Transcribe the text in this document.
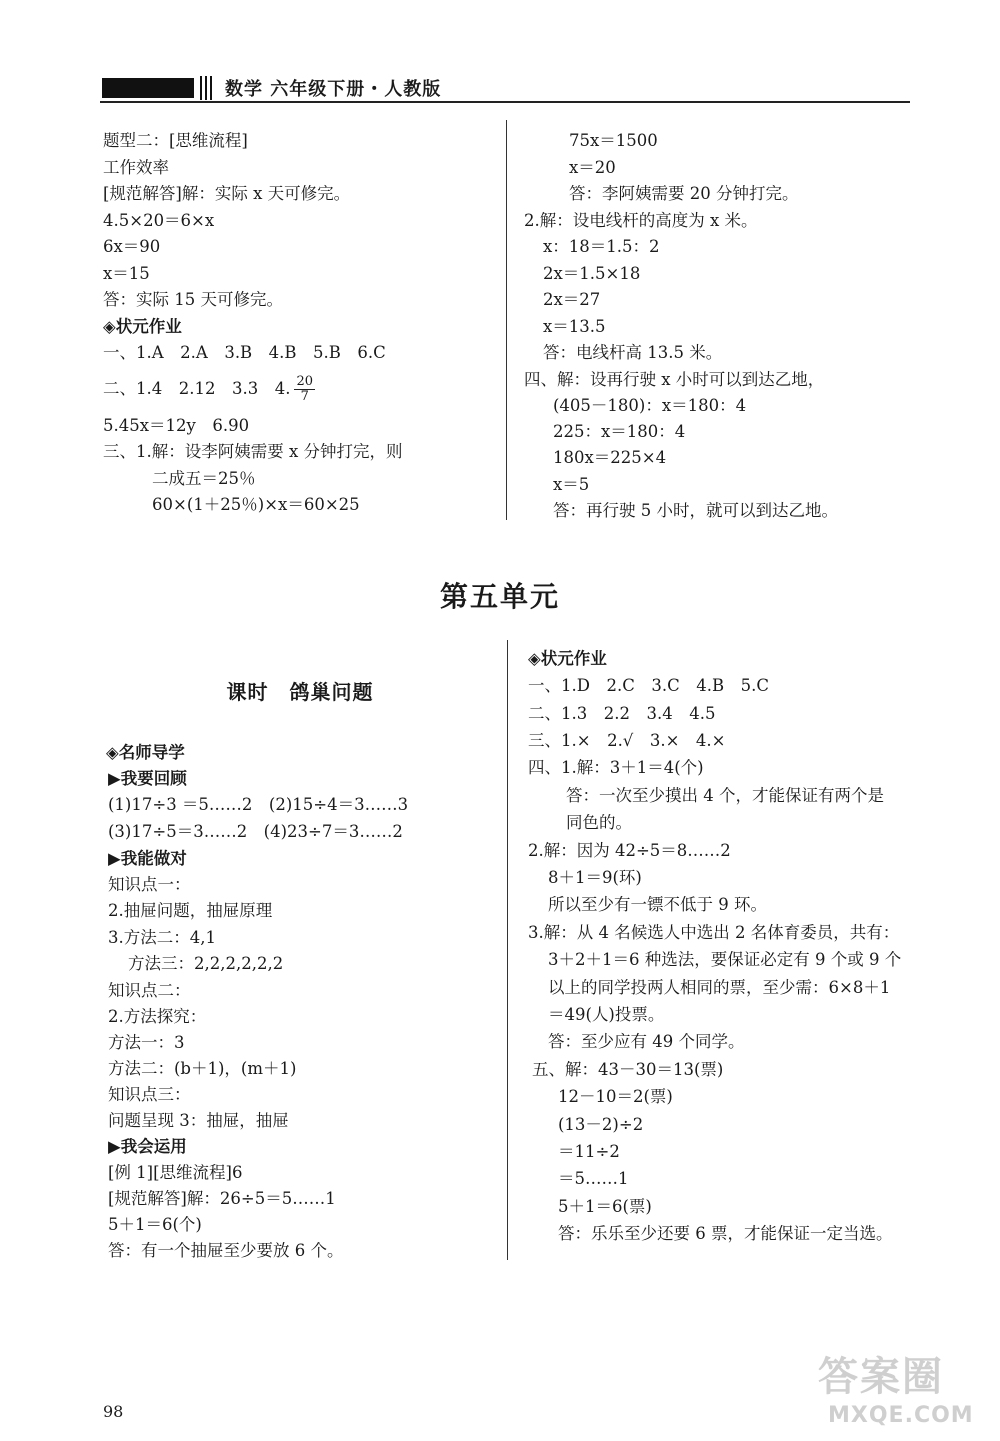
数学 六年级下册・人教版
题型二：[思维流程]
工作效率
[规范解答]解：实际 x 天可修完。
4.5×20＝6×x
6x＝90
x＝15
答：实际 15 天可修完。
◈状元作业
一、1.A　2.A　3.B　4.B　5.B　6.C
二、1.4　2.12　3.3　4. $\frac{20}{7}$
5.45x＝12y　6.90
三、1.解：设李阿姨需要 x 分钟打完，则
二成五＝25％
60×(1＋25％)×x＝60×25
75x＝1500
x＝20
答：李阿姨需要 20 分钟打完。
2.解：设电线杆的高度为 x 米。
x：18＝1.5：2
2x＝1.5×18
2x＝27
x＝13.5
答：电线杆高 13.5 米。
四、解：设再行驶 x 小时可以到达乙地，
(405－180)：x＝180：4
225：x＝180：4
180x＝225×4
x＝5
答：再行驶 5 小时，就可以到达乙地。
第五单元
课时　鸽巢问题
◈名师导学
▶我要回顾
(1)17÷3 ＝5……2　(2)15÷4＝3……3
(3)17÷5＝3……2　(4)23÷7＝3……2
▶我能做对
知识点一：
2.抽屉问题，抽屉原理
3.方法二：4,1
方法三：2,2,2,2,2,2
知识点二：
2.方法探究：
方法一：3
方法二：(b＋1)，(m＋1)
知识点三：
问题呈现 3：抽屉，抽屉
▶我会运用
[例 1][思维流程]6
[规范解答]解：26÷5＝5……1
5＋1＝6(个)
答：有一个抽屉至少要放 6 个。
◈状元作业
一、1.D　2.C　3.C　4.B　5.C
二、1.3　2.2　3.4　4.5
三、1.×　2.√　3.×　4.×
四、1.解：3＋1＝4(个)
答：一次至少摸出 4 个，才能保证有两个是
同色的。
2.解：因为 42÷5＝8……2
8＋1＝9(环)
所以至少有一镖不低于 9 环。
3.解：从 4 名候选人中选出 2 名体育委员，共有：
3＋2＋1＝6 种选法，要保证必定有 9 个或 9 个
以上的同学投两人相同的票，至少需：6×8＋1
＝49(人)投票。
答：至少应有 49 个同学。
五、解：43－30＝13(票)
12－10＝2(票)
(13－2)÷2
＝11÷2
＝5……1
5＋1＝6(票)
答：乐乐至少还要 6 票，才能保证一定当选。
98
答案圈
MXQE.COM
